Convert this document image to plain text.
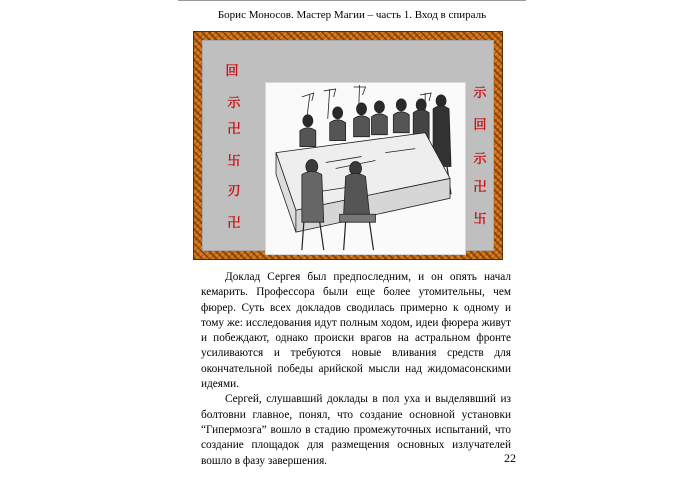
Борис Моносов. Мастер Магии – часть 1. Вход в спираль
回
示
卍
卐
刃
卍
示
回
示
卍
卐

Доклад Сергея был предпоследним, и он опять начал кемарить. Профессора были еще более утомительны, чем фюрер. Суть всех докладов сводилась примерно к одному и тому же: исследования идут полным ходом, идеи фюрера живут и побеждают, однако происки врагов на астральном фронте усиливаются и требуются новые вливания средств для окончательной победы арийской мысли над жидомасонскими идеями.

Сергей, слушавший доклады в пол уха и выделявший из болтовни главное, понял, что создание основной установки “Гипермозга” вошло в стадию промежуточных испытаний, что создание площадок для размещения основных излучателей вошло в фазу завершения.	22
